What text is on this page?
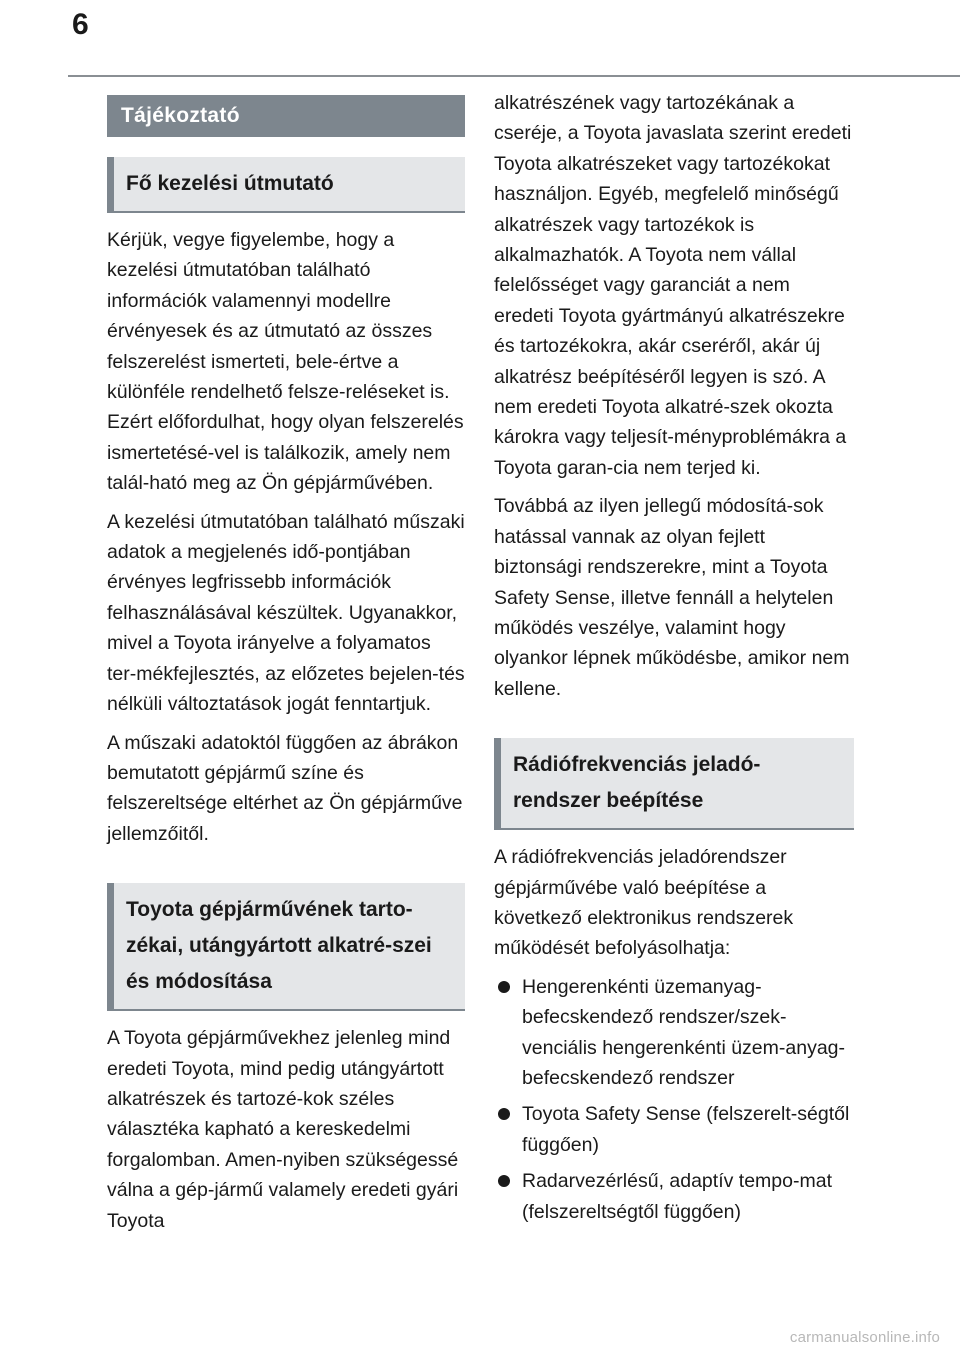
6
Tájékoztató
Fő kezelési útmutató

Kérjük, vegye figyelembe, hogy a kezelési útmutatóban található információk valamennyi modellre érvényesek és az útmutató az összes felszerelést ismerteti, bele-értve a különféle rendelhető felsze-reléseket is. Ezért előfordulhat, hogy olyan felszerelés ismertetésé-vel is találkozik, amely nem talál-ható meg az Ön gépjárművében.

A kezelési útmutatóban található műszaki adatok a megjelenés idő-pontjában érvényes legfrissebb információk felhasználásával készültek. Ugyanakkor, mivel a Toyota irányelve a folyamatos ter-mékfejlesztés, az előzetes bejelen-tés nélküli változtatások jogát fenntartjuk.

A műszaki adatoktól függően az ábrákon bemutatott gépjármű színe és felszereltsége eltérhet az Ön gépjárműve jellemzőitől.

Toyota gépjárművének tarto-zékai, utángyártott alkatré-szei és módosítása

A Toyota gépjárművekhez jelenleg mind eredeti Toyota, mind pedig utángyártott alkatrészek és tartozé-kok széles választéka kapható a kereskedelmi forgalomban. Amen-nyiben szükségessé válna a gép-jármű valamely eredeti gyári Toyota

alkatrészének vagy tartozékának a cseréje, a Toyota javaslata szerint eredeti Toyota alkatrészeket vagy tartozékokat használjon. Egyéb, megfelelő minőségű alkatrészek vagy tartozékok is alkalmazhatók. A Toyota nem vállal felelősséget vagy garanciát a nem eredeti Toyota gyártmányú alkatrészekre és tartozékokra, akár cseréről, akár új alkatrész beépítéséről legyen is szó. A nem eredeti Toyota alkatré-szek okozta károkra vagy teljesít-ményproblémákra a Toyota garan-cia nem terjed ki.

Továbbá az ilyen jellegű módosítá-sok hatással vannak az olyan fejlett biztonsági rendszerekre, mint a Toyota Safety Sense, illetve fennáll a helytelen működés veszélye, valamint hogy olyankor lépnek működésbe, amikor nem kellene.

Rádiófrekvenciás jeladó-rendszer beépítése

A rádiófrekvenciás jeladórendszer gépjárművébe való beépítése a következő elektronikus rendszerek működését befolyásolhatja:

Hengerenkénti üzemanyag-befecskendező rendszer/szek-venciális hengerenkénti üzem-anyag-befecskendező rendszer
Toyota Safety Sense (felszerelt-ségtől függően)
Radarvezérlésű, adaptív tempo-mat (felszereltségtől függően)
carmanualsonline.info
